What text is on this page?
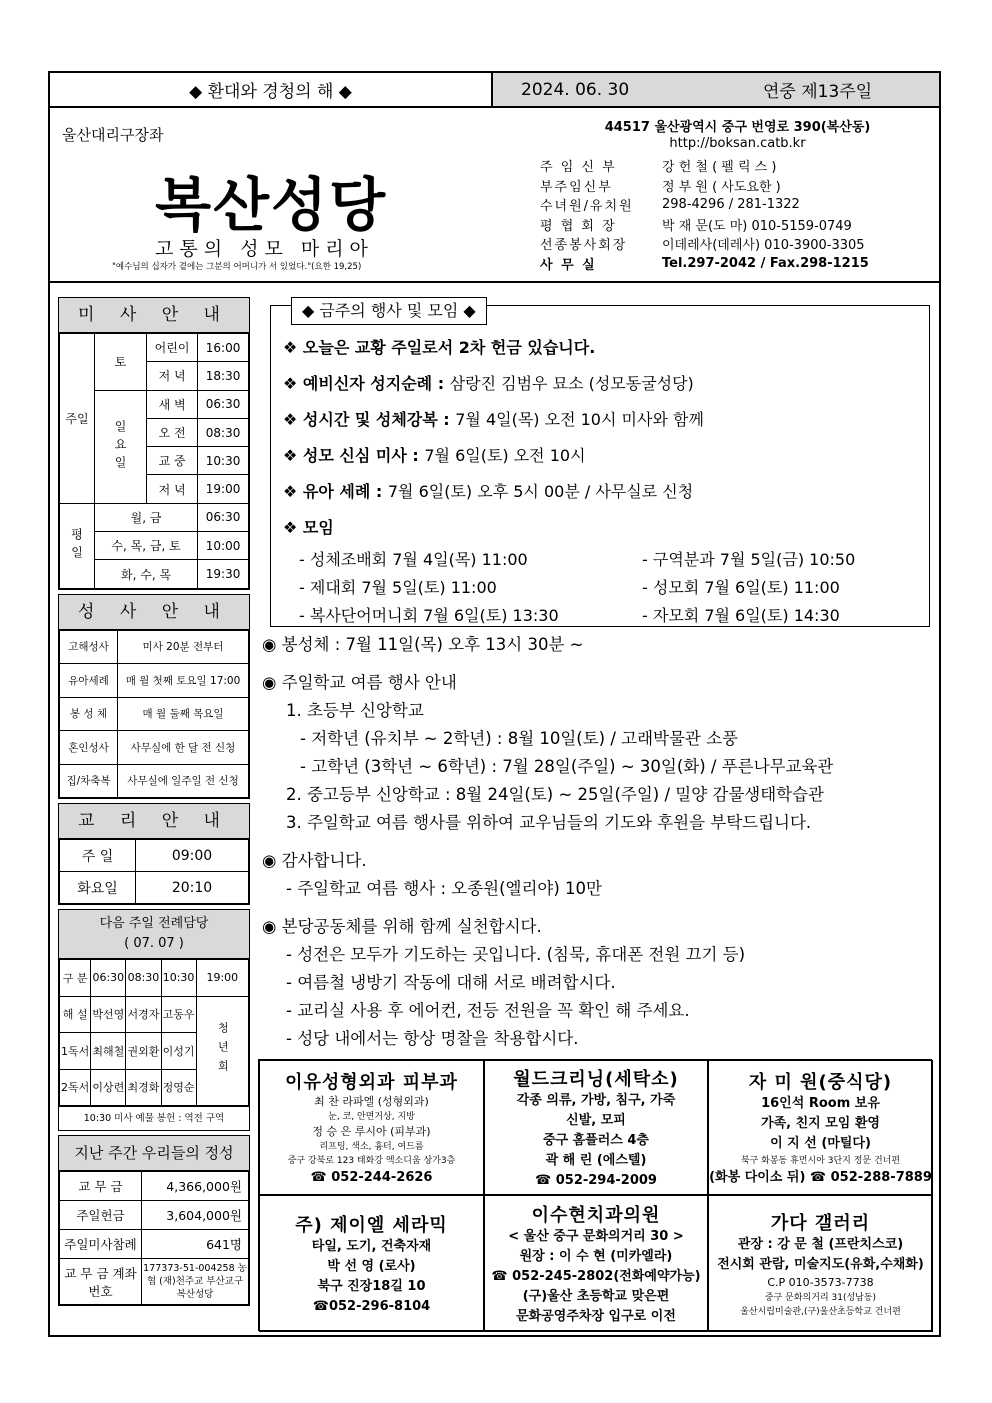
◆ 환대와 경청의 해 ◆	2024. 06. 30	연중 제13주일
울산대리구장좌
복산성당
고통의 성모 마리아
"예수님의 십자가 곁에는 그분의 어머니가 서 있었다."(요한 19,25)
44517 울산광역시 중구 번영로 390(복산동)
http://boksan.catb.kr
주 임 신 부	강 헌 철 ( 펠 릭 스 )
부주임신부	정 부 원 ( 사도요한 )
수녀원/유치원	298-4296 / 281-1322
평 협 회 장	박 재 문(도 마) 010-5159-0749
선종봉사회장	이데레사(데레사) 010-3900-3305
사 무 실	Tel.297-2042 / Fax.298-1215
미 사 안 내
주일	토	어린이	16:00
		저 녁	18:30
	일요일	새 벽	06:30
		오 전	08:30
		교 중	10:30
		저 녁	19:00
평일	월, 금		06:30
	수, 목, 금, 토		10:00
	화, 수, 목		19:30
성 사 안 내
고해성사	미사 20분 전부터
유아세례	매 월 첫째 토요일 17:00
봉 성 체	매 월 둘째 목요일
혼인성사	사무실에 한 달 전 신청
집/차축복	사무실에 일주일 전 신청
교 리 안 내
주 일	09:00
화요일	20:10
다음 주일 전례담당
( 07. 07 )
구 분	06:30	08:30	10:30	19:00
해 설	박선영	서경자	고동우	청년회
1독서	최해철	권외환	이성기	
2독서	이상련	최경화	정영순	
10:30 미사 예물 봉헌 : 역전 구역
지난 주간 우리들의 정성
교 무 금	4,366,000원
주일헌금	3,604,000원
주일미사참례	641명
교 무 금 계좌번호	177373-51-004258 농협 (재)천주교 부산교구 복산성당
◆ 금주의 행사 및 모임 ◆
❖ 오늘은 교황 주일로서 2차 헌금 있습니다.
❖ 예비신자 성지순례 : 삼랑진 김범우 묘소 (성모동굴성당)
❖ 성시간 및 성체강복 : 7월 4일(목) 오전 10시 미사와 함께
❖ 성모 신심 미사 : 7월 6일(토) 오전 10시
❖ 유아 세례 : 7월 6일(토) 오후 5시 00분 / 사무실로 신청
❖ 모임
- 성체조배회 7월 4일(목) 11:00	- 구역분과 7월 5일(금) 10:50
- 제대회 7월 5일(토) 11:00	- 성모회 7월 6일(토) 11:00
- 복사단어머니회 7월 6일(토) 13:30	- 자모회 7월 6일(토) 14:30
◉ 봉성체 : 7월 11일(목) 오후 13시 30분 ~
◉ 주일학교 여름 행사 안내
1. 초등부 신앙학교
- 저학년 (유치부 ~ 2학년) : 8월 10일(토) / 고래박물관 소풍
- 고학년 (3학년 ~ 6학년) : 7월 28일(주일) ~ 30일(화) / 푸른나무교육관
2. 중고등부 신앙학교 : 8월 24일(토) ~ 25일(주일) / 밀양 감물생태학습관
3. 주일학교 여름 행사를 위하여 교우님들의 기도와 후원을 부탁드립니다.
◉ 감사합니다.
- 주일학교 여름 행사 : 오종원(엘리야) 10만
◉ 본당공동체를 위해 함께 실천합시다.
- 성전은 모두가 기도하는 곳입니다. (침묵, 휴대폰 전원 끄기 등)
- 여름철 냉방기 작동에 대해 서로 배려합시다.
- 교리실 사용 후 에어컨, 전등 전원을 꼭 확인 해 주세요.
- 성당 내에서는 항상 명찰을 착용합시다.
이유성형외과 피부과
최 찬 라파엘 (성형외과)
눈, 코, 안면거상, 지방
정 승 은 루시아 (피부과)
리프팅, 색소, 흉터, 여드름
중구 강북로 123 태화강 엑소디움 상가3층
☎ 052-244-2626
월드크리닝(세탁소)
각종 의류, 가방, 침구, 가죽
신발, 모피
중구 홈플러스 4층
곽 해 린 (에스텔)
☎ 052-294-2009
자 미 원(중식당)
16인석 Room 보유
가족, 친지 모임 환영
이 지 선 (마틸다)
북구 화봉동 휴먼시아 3단지 정문 건너편
(화봉 다이소 뒤) ☎ 052-288-7889
주) 제이엘 세라믹
타일, 도기, 건축자재
박 선 영 (로사)
북구 진장18길 10
☎052-296-8104
이수현치과의원
< 울산 중구 문화의거리 30 >
원장 : 이 수 현 (미카엘라)
☎ 052-245-2802(전화예약가능)
(구)울산 초등학교 맞은편
문화공영주차장 입구로 이전
가다 갤러리
관장 : 강 문 철 (프란치스코)
전시회 관람, 미술지도(유화,수채화)
C.P 010-3573-7738
중구 문화의거리 31(성남동)
울산시립미술관,(구)울산초등학교 건너편
